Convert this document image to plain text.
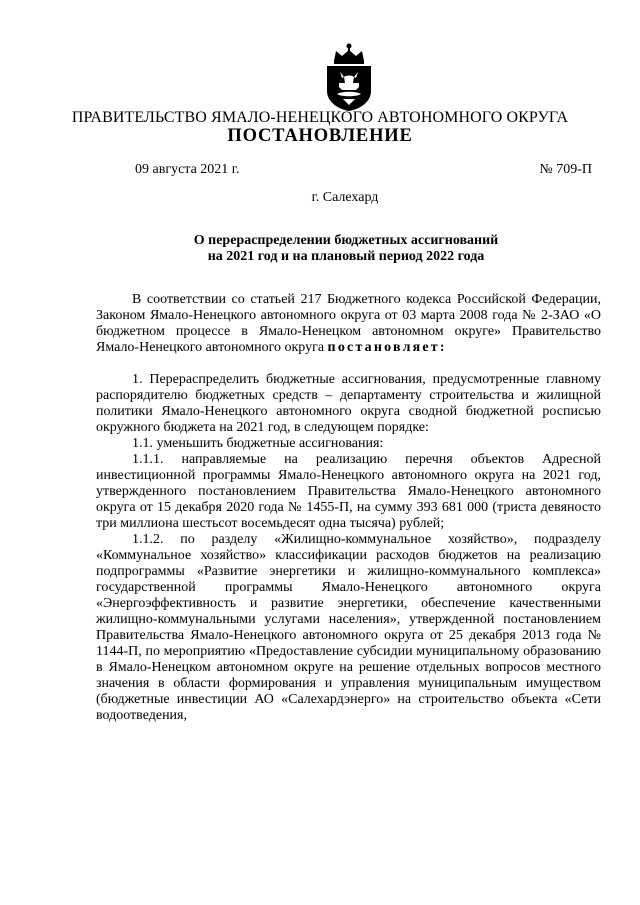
ПРАВИТЕЛЬСТВО ЯМАЛО-НЕНЕЦКОГО АВТОНОМНОГО ОКРУГА
ПОСТАНОВЛЕНИЕ
09 августа 2021 г.	№ 709-П
г. Салехард
О перераспределении бюджетных ассигнований
на 2021 год и на плановый период 2022 года

В соответствии со статьей 217 Бюджетного кодекса Российской Федерации, Законом Ямало-Ненецкого автономного округа от 03 марта 2008 года № 2-ЗАО «О бюджетном процессе в Ямало-Ненецком автономном округе» Правительство Ямало-Ненецкого автономного округа постановляет:

1. Перераспределить бюджетные ассигнования, предусмотренные главному распорядителю бюджетных средств – департаменту строительства и жилищной политики Ямало-Ненецкого автономного округа сводной бюджетной росписью окружного бюджета на 2021 год, в следующем порядке:

1.1. уменьшить бюджетные ассигнования:

1.1.1. направляемые на реализацию перечня объектов Адресной инвестиционной программы Ямало-Ненецкого автономного округа на 2021 год, утвержденного постановлением Правительства Ямало-Ненецкого автономного округа от 15 декабря 2020 года № 1455-П, на сумму 393 681 000 (триста девяносто три миллиона шестьсот восемьдесят одна тысяча) рублей;

1.1.2. по разделу «Жилищно-коммунальное хозяйство», подразделу «Коммунальное хозяйство» классификации расходов бюджетов на реализацию подпрограммы «Развитие энергетики и жилищно-коммунального комплекса» государственной программы Ямало-Ненецкого автономного округа «Энергоэффективность и развитие энергетики, обеспечение качественными жилищно-коммунальными услугами населения», утвержденной постановлением Правительства Ямало-Ненецкого автономного округа от 25 декабря 2013 года № 1144-П, по мероприятию «Предоставление субсидии муниципальному образованию в Ямало-Ненецком автономном округе на решение отдельных вопросов местного значения в области формирования и управления муниципальным имуществом (бюджетные инвестиции АО «Салехардэнерго» на строительство объекта «Сети водоотведения,
